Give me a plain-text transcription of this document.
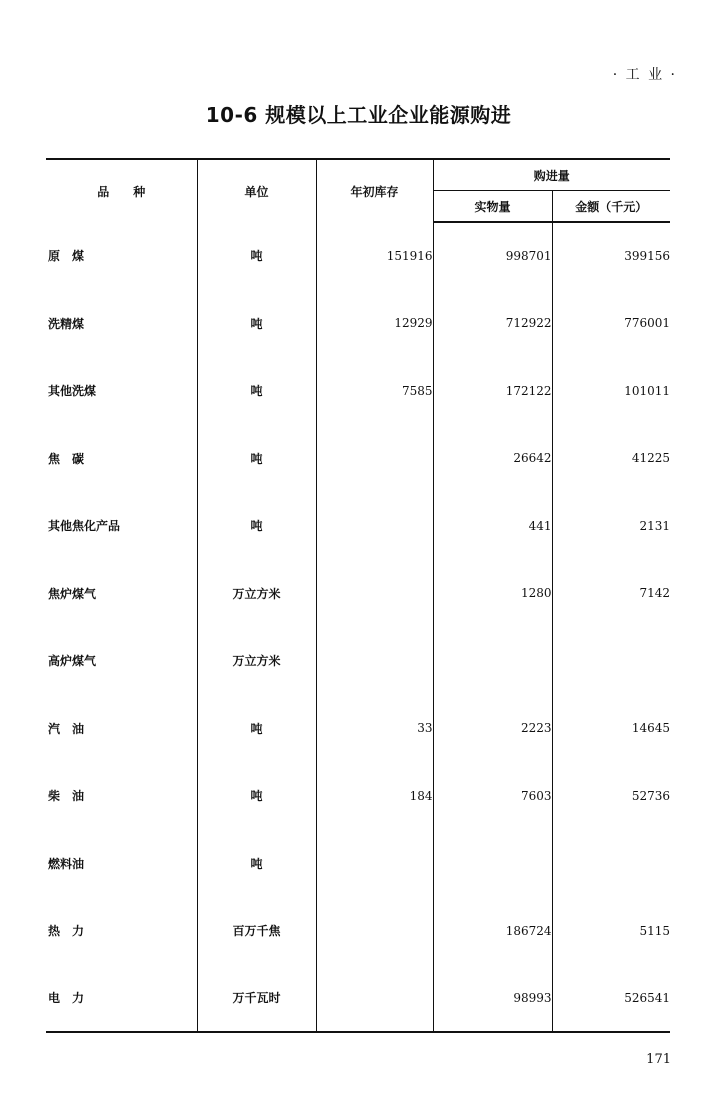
· 工 业 ·
10-6 规模以上工业企业能源购进
品　　种	单位	年初库存	购进量	
			实物量	金额（千元）
原　煤	吨	151916	998701	399156
洗精煤	吨	12929	712922	776001
其他洗煤	吨	7585	172122	101011
焦　碳	吨		26642	41225
其他焦化产品	吨		441	2131
焦炉煤气	万立方米		1280	7142
高炉煤气	万立方米			
汽　油	吨	33	2223	14645
柴　油	吨	184	7603	52736
燃料油	吨			
热　力	百万千焦		186724	5115
电　力	万千瓦时		98993	526541
171
